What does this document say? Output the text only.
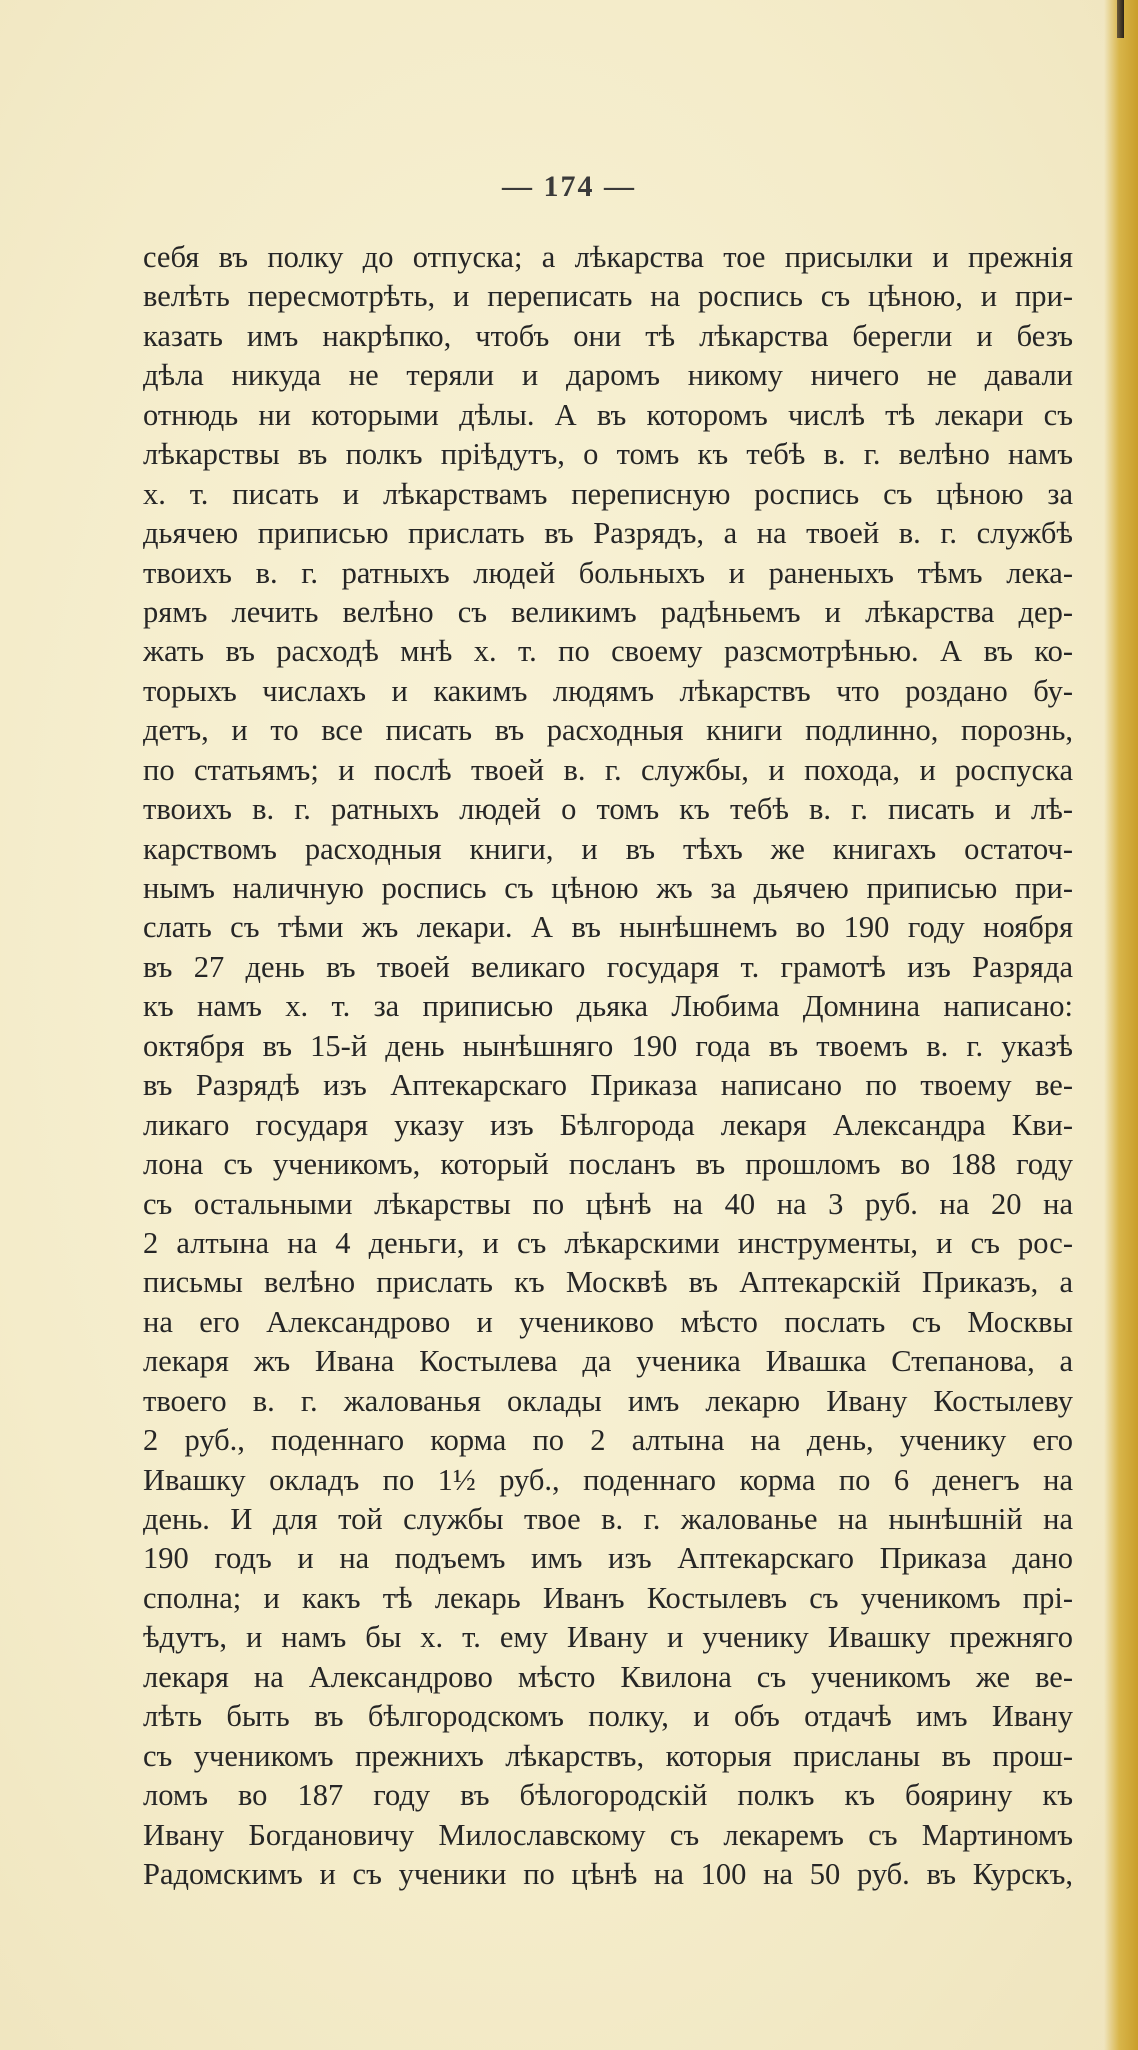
— 174 —
себя въ полку до отпуска; а лѣкарства тое присылки и прежнія
велѣть пересмотрѣть, и переписать на роспись съ цѣною, и при-
казать имъ накрѣпко, чтобъ они тѣ лѣкарства берегли и безъ
дѣла никуда не теряли и даромъ никому ничего не давали
отнюдь ни которыми дѣлы. А въ которомъ числѣ тѣ лекари съ
лѣкарствы въ полкъ пріѣдутъ, о томъ къ тебѣ в. г. велѣно намъ
х. т. писать и лѣкарствамъ переписную роспись съ цѣною за
дьячею приписью прислать въ Разрядъ, а на твоей в. г. службѣ
твоихъ в. г. ратныхъ людей больныхъ и раненыхъ тѣмъ лека-
рямъ лечить велѣно съ великимъ радѣньемъ и лѣкарства дер-
жать въ расходѣ мнѣ х. т. по своему разсмотрѣнью. А въ ко-
торыхъ числахъ и какимъ людямъ лѣкарствъ что роздано бу-
детъ, и то все писать въ расходныя книги подлинно, порознь,
по статьямъ; и послѣ твоей в. г. службы, и похода, и роспуска
твоихъ в. г. ратныхъ людей о томъ къ тебѣ в. г. писать и лѣ-
карствомъ расходныя книги, и въ тѣхъ же книгахъ остаточ-
нымъ наличную роспись съ цѣною жъ за дьячею приписью при-
слать съ тѣми жъ лекари. А въ нынѣшнемъ во 190 году ноября
въ 27 день въ твоей великаго государя т. грамотѣ изъ Разряда
къ намъ х. т. за приписью дьяка Любима Домнина написано:
октября въ 15-й день нынѣшняго 190 года въ твоемъ в. г. указѣ
въ Разрядѣ изъ Аптекарскаго Приказа написано по твоему ве-
ликаго государя указу изъ Бѣлгорода лекаря Александра Кви-
лона съ ученикомъ, который посланъ въ прошломъ во 188 году
съ остальными лѣкарствы по цѣнѣ на 40 на 3 руб. на 20 на
2 алтына на 4 деньги, и съ лѣкарскими инструменты, и съ рос-
письмы велѣно прислать къ Москвѣ въ Аптекарскій Приказъ, а
на его Александрово и учениково мѣсто послать съ Москвы
лекаря жъ Ивана Костылева да ученика Ивашка Степанова, а
твоего в. г. жалованья оклады имъ лекарю Ивану Костылеву
2 руб., поденнаго корма по 2 алтына на день, ученику его
Ивашку окладъ по 1½ руб., поденнаго корма по 6 денегъ на
день. И для той службы твое в. г. жалованье на нынѣшній на
190 годъ и на подъемъ имъ изъ Аптекарскаго Приказа дано
сполна; и какъ тѣ лекарь Иванъ Костылевъ съ ученикомъ прі-
ѣдутъ, и намъ бы х. т. ему Ивану и ученику Ивашку прежняго
лекаря на Александрово мѣсто Квилона съ ученикомъ же ве-
лѣть быть въ бѣлгородскомъ полку, и объ отдачѣ имъ Ивану
съ ученикомъ прежнихъ лѣкарствъ, которыя присланы въ прош-
ломъ во 187 году въ бѣлогородскій полкъ къ боярину къ
Ивану Богдановичу Милославскому съ лекаремъ съ Мартиномъ
Радомскимъ и съ ученики по цѣнѣ на 100 на 50 руб. въ Курскъ,
